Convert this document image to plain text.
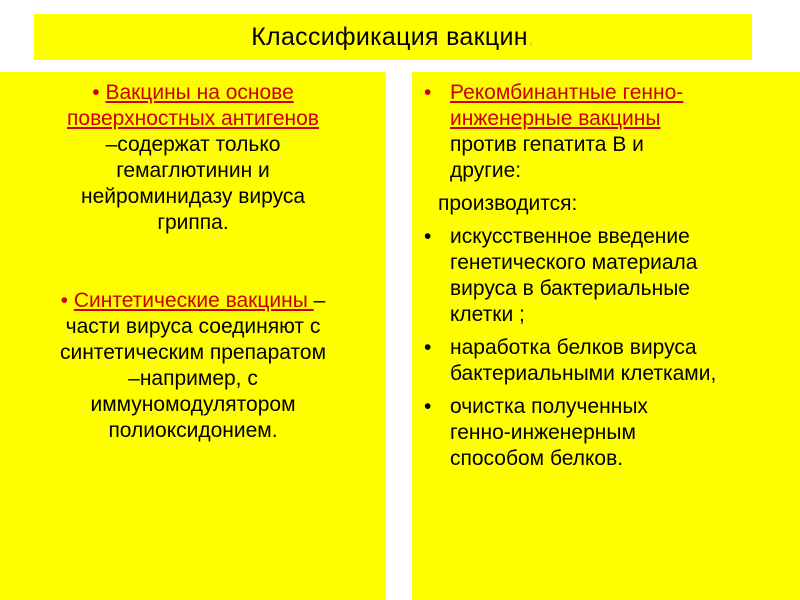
Классификация вакцин .
• Вакцины на основе
поверхностных антигенов
–содержат только
гемаглютинин и
нейроминидазу вируса
гриппа.
• Синтетические вакцины –
части вируса соединяют с
синтетическим препаратом
–например, с
иммуномодулятором
полиоксидонием.
• Рекомбинантные генно-
инженерные вакцины
против гепатита В и
другие:
производится:
• искусственное введение
генетического материала
вируса в бактериальные
клетки ;
• наработка белков вируса
бактериальными клетками,
• очистка полученных
генно-инженерным
способом белков.
